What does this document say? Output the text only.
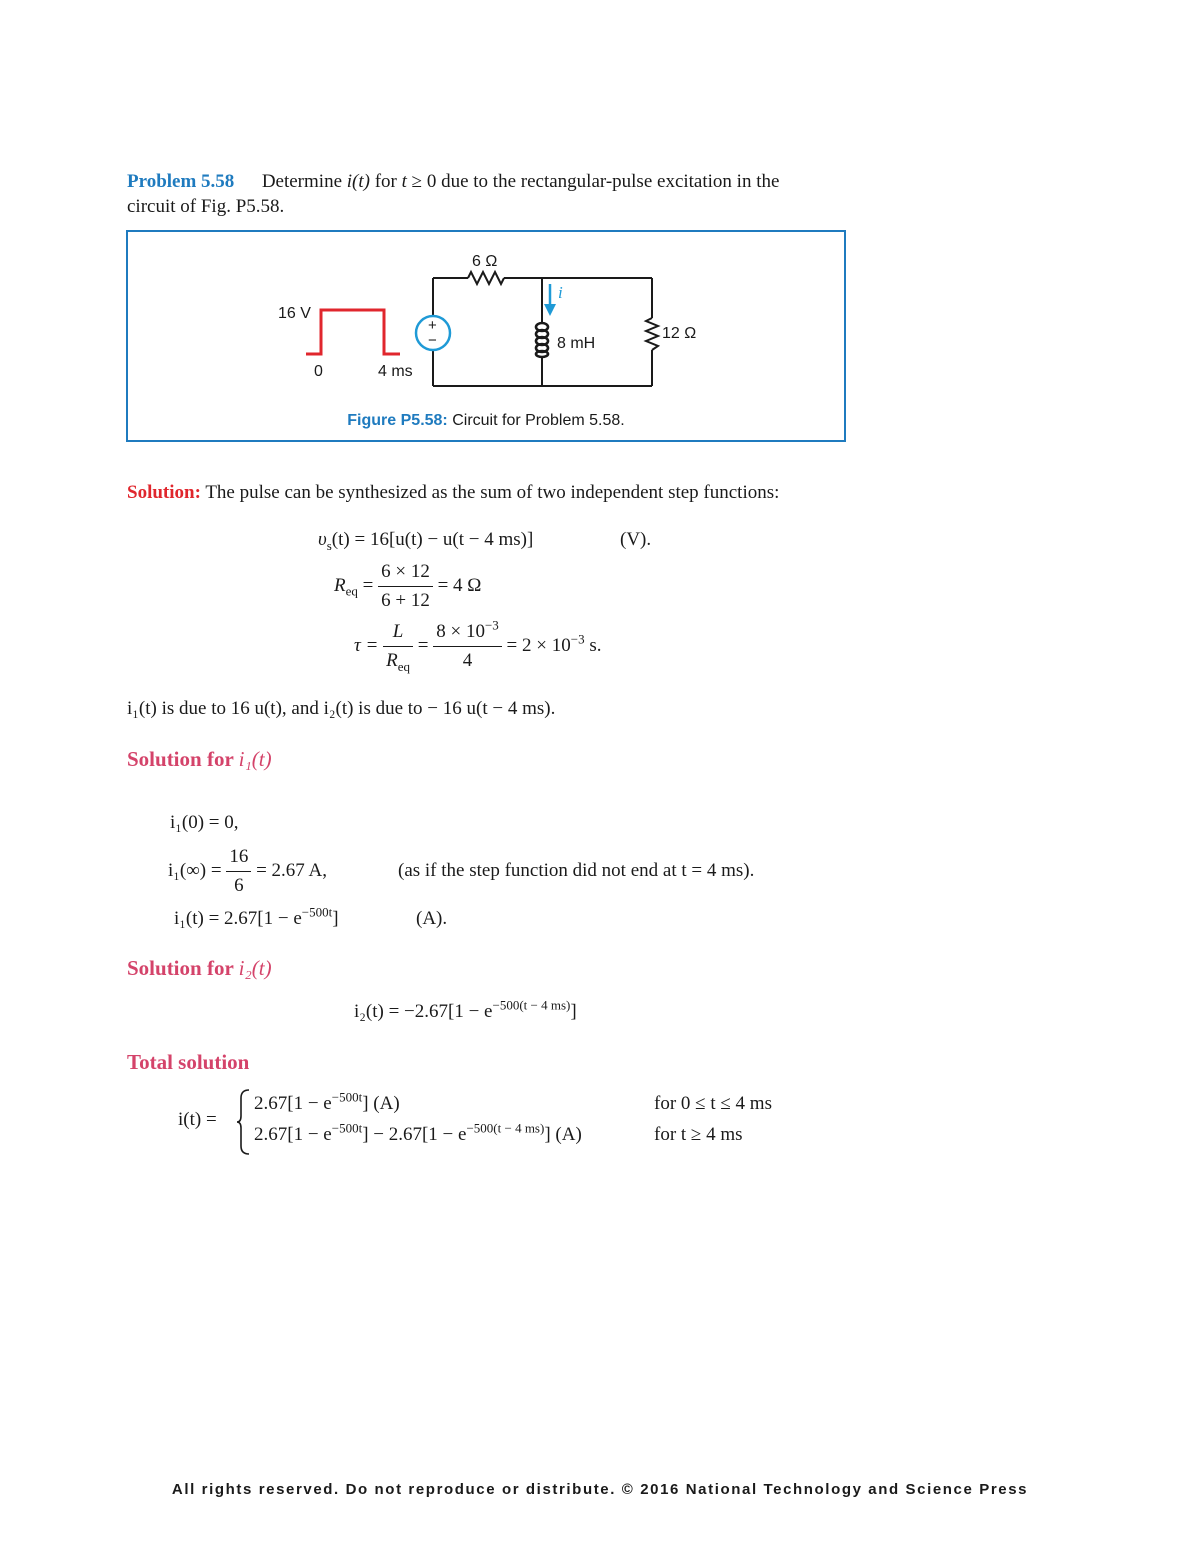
Problem 5.58 Determine i(t) for t ≥ 0 due to the rectangular-pulse excitation in the
circuit of Fig. P5.58.
16 V
0	4 ms
6 Ω
12 Ω
8 mH
i
+
−
Figure P5.58: Circuit for Problem 5.58.
Solution: The pulse can be synthesized as the sum of two independent step functions:
$\upsilon_s(t) = 16[u(t) - u(t - 4$ ms)]	(V).
$R_{eq} = \frac{6 \times 12}{6 + 12} = 4$ Ω
$\tau = \frac{L}{R_{eq}} = \frac{8 \times 10^{-3}}{4} = 2 \times 10^{-3}$ s.
i₁(t) is due to 16 u(t), and i₂(t) is due to − 16 u(t − 4 ms).
Solution for i₁(t)
i₁(0) = 0,
$i_1(\infty) = \frac{16}{6} = 2.67$ A,	(as if the step function did not end at t = 4 ms).
$i_1(t) = 2.67[1 - e^{-500t}]$	(A).
Solution for i₂(t)
$i_2(t) = -2.67[1 - e^{-500(t - 4 ms)}]$
Total solution
i(t) =
$2.67[1 - e^{-500t}]$ (A)	for 0 ≤ t ≤ 4 ms
$2.67[1 - e^{-500t}] - 2.67[1 - e^{-500(t - 4 ms)}]$ (A)	for t ≥ 4 ms
All rights reserved. Do not reproduce or distribute. © 2016 National Technology and Science Press
